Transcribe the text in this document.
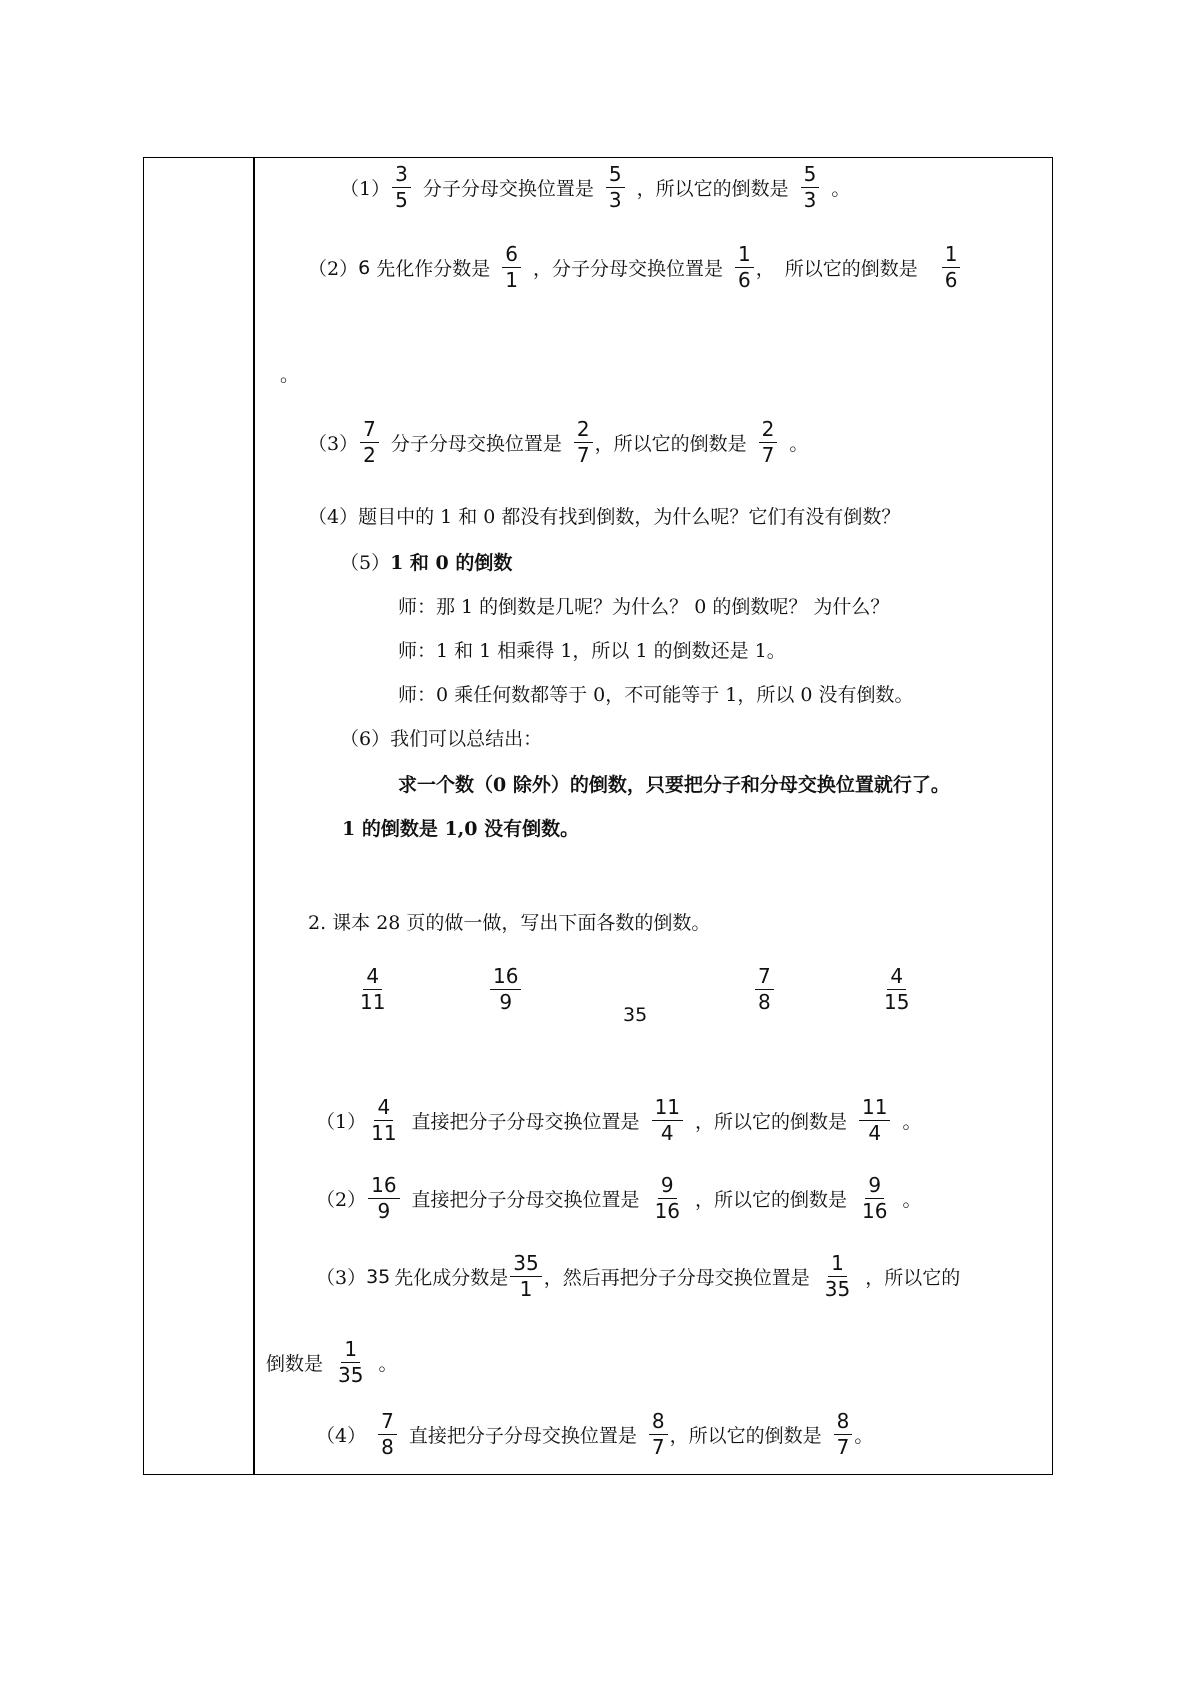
$(1) \frac{3}{5}$ 分子分母交换位置是 $\frac{5}{3}$ ，所以它的倒数是 $\frac{5}{3}$ 。
（2） 6 先化作分数是 $\frac{6}{1}$ ，分子分母交换位置是 $\frac{1}{6}$ ， 所以它的倒数是 $\frac{1}{6}$
。
$(3) \frac{7}{2}$ 分子分母交换位置是 $\frac{2}{7}$ ，所以它的倒数是 $\frac{2}{7}$ 。
（4）题目中的 1 和 0 都没有找到倒数，为什么呢？它们有没有倒数？
（5） 1 和 0 的倒数
师：那 1 的倒数是几呢？为什么？ 0 的倒数呢？ 为什么？
师：1 和 1 相乘得 1，所以 1 的倒数还是 1。
师：0 乘任何数都等于 0，不可能等于 1，所以 0 没有倒数。
（6）我们可以总结出：
求一个数（0 除外）的倒数，只要把分子和分母交换位置就行了。
1 的倒数是 1,0 没有倒数。
2. 课本 28 页的做一做，写出下面各数的倒数。
$\frac{4}{11}$	$\frac{16}{9}$
35
$\frac{7}{8}$	$\frac{4}{15}$
$(1) \frac{4}{11}$ 直接把分子分母交换位置是 $\frac{11}{4}$ ，所以它的倒数是 $\frac{11}{4}$ 。
$(2) \frac{16}{9}$ 直接把分子分母交换位置是 $\frac{9}{16}$ ，所以它的倒数是 $\frac{9}{16}$ 。
（3） 35 先化成分数是 $\frac{35}{1}$ ，然后再把分子分母交换位置是 $\frac{1}{35}$ ，所以它的
倒数是 $\frac{1}{35}$ 。
$(4) \frac{7}{8}$ 直接把分子分母交换位置是 $\frac{8}{7}$ ，所以它的倒数是 $\frac{8}{7}$ 。
